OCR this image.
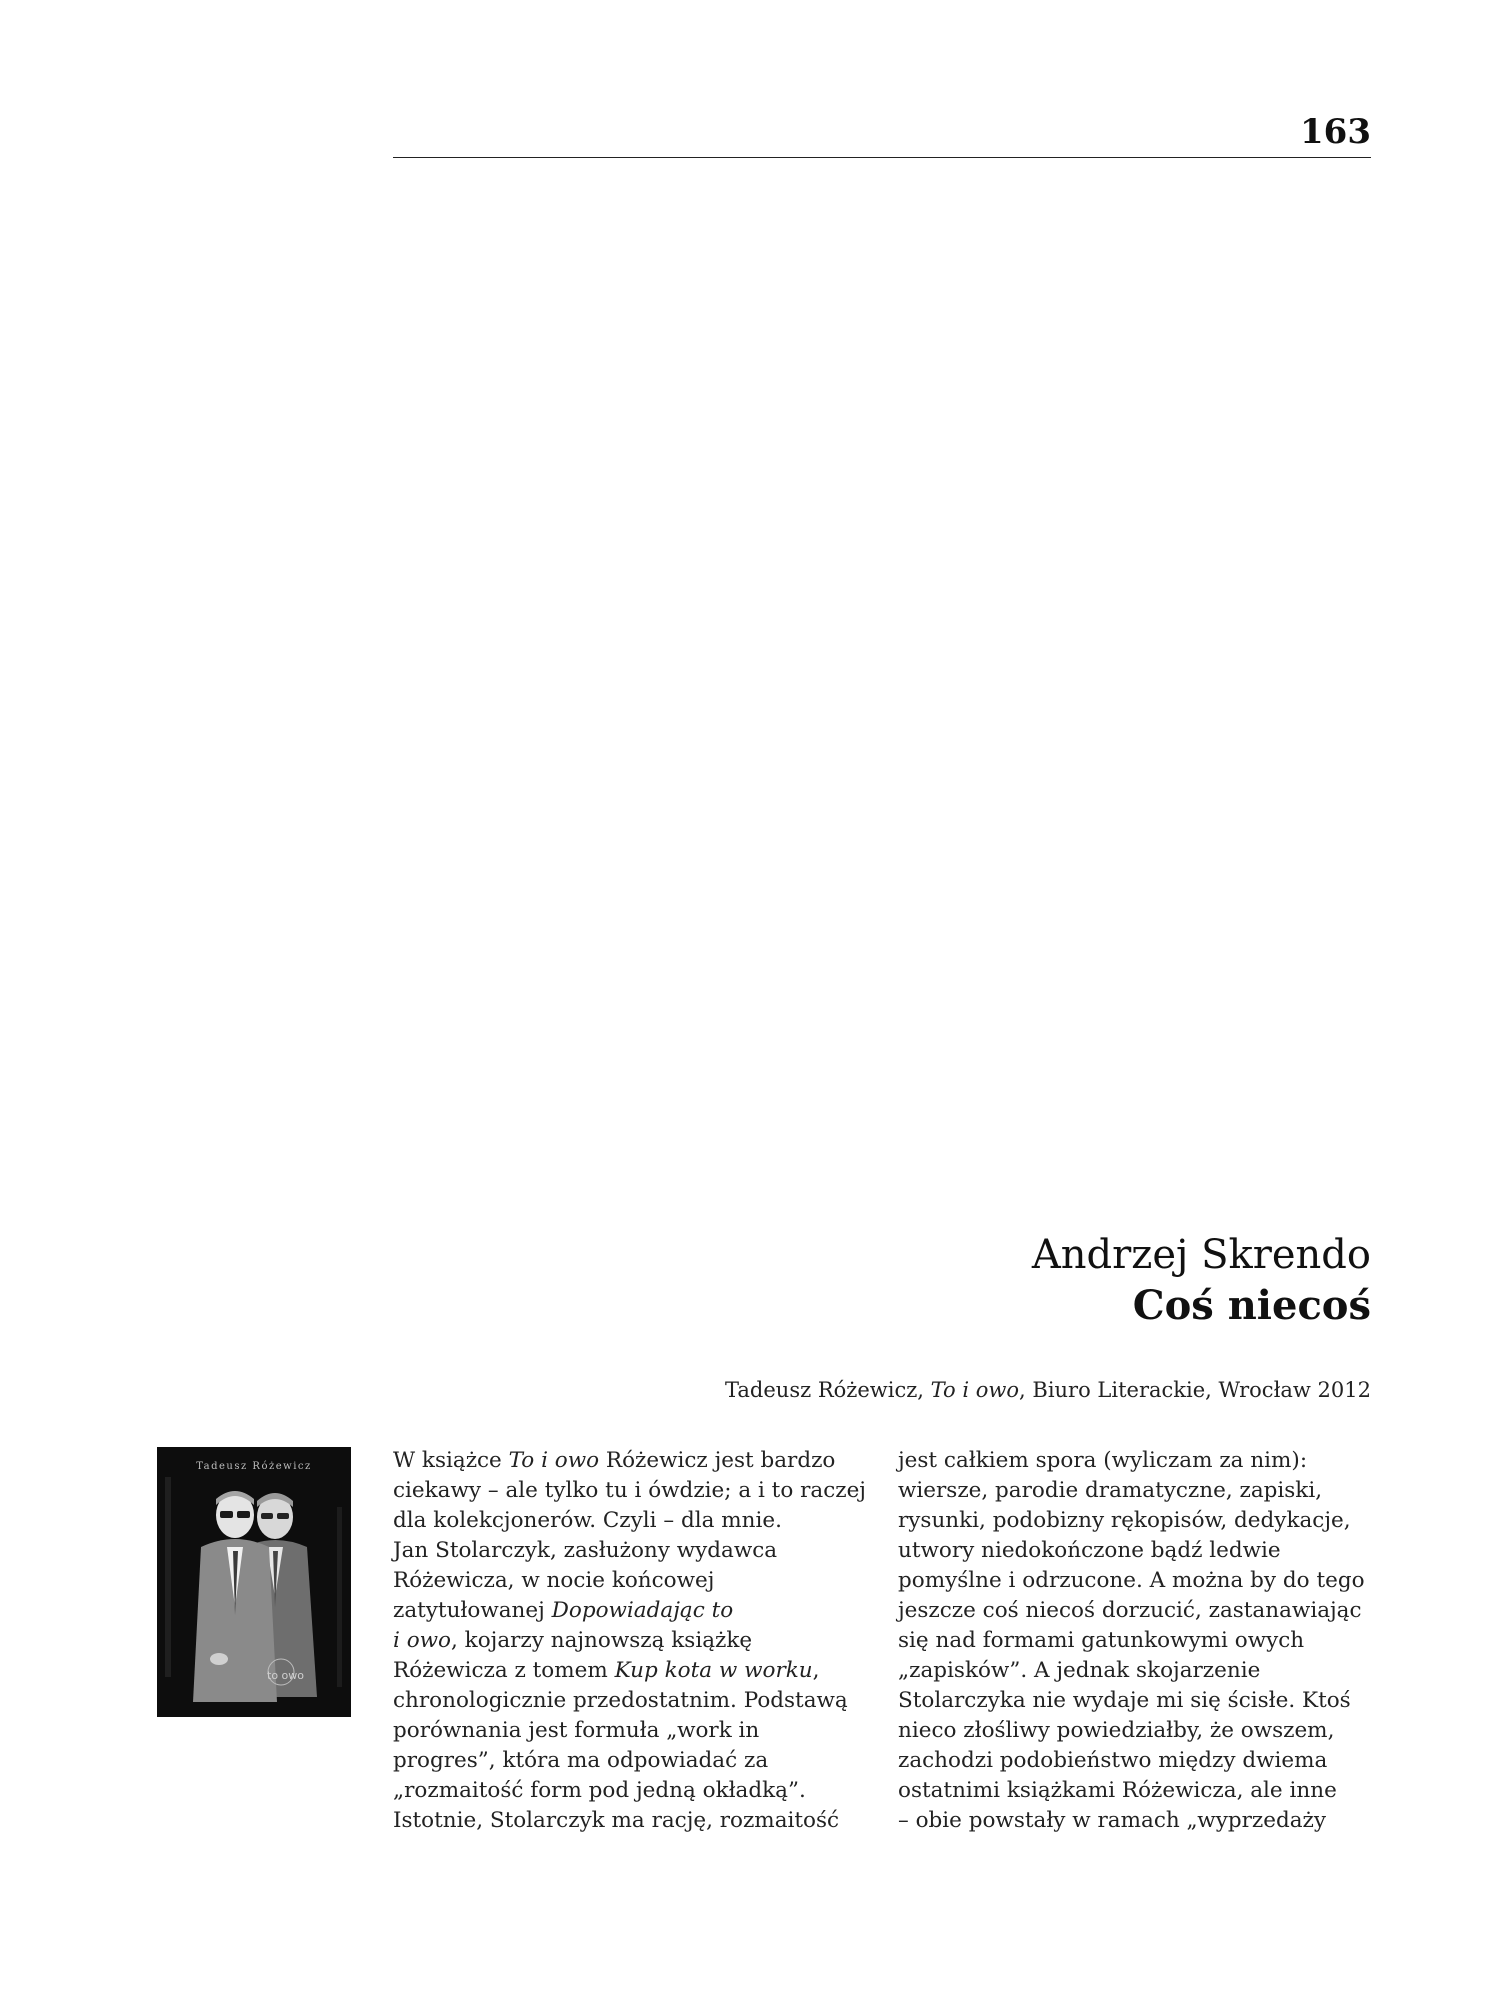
163
Andrzej Skrendo
Coś niecoś
Tadeusz Różewicz, To i owo, Biuro Literackie, Wrocław 2012
Tadeusz Różewicz
to owo
W książce To i owo Różewicz jest bardzo
ciekawy – ale tylko tu i ówdzie; a i to raczej
dla kolekcjonerów. Czyli – dla mnie.
Jan Stolarczyk, zasłużony wydawca
Różewicza, w nocie końcowej
zatytułowanej Dopowiadając to
i owo, kojarzy najnowszą książkę
Różewicza z tomem Kup kota w worku,
chronologicznie przedostatnim. Podstawą
porównania jest formuła „work in
progres”, która ma odpowiadać za
„rozmaitość form pod jedną okładką”.
Istotnie, Stolarczyk ma rację, rozmaitość
jest całkiem spora (wyliczam za nim):
wiersze, parodie dramatyczne, zapiski,
rysunki, podobizny rękopisów, dedykacje,
utwory niedokończone bądź ledwie
pomyślne i odrzucone. A można by do tego
jeszcze coś niecoś dorzucić, zastanawiając
się nad formami gatunkowymi owych
„zapisków”. A jednak skojarzenie
Stolarczyka nie wydaje mi się ścisłe. Ktoś
nieco złośliwy powiedziałby, że owszem,
zachodzi podobieństwo między dwiema
ostatnimi książkami Różewicza, ale inne
– obie powstały w ramach „wyprzedaży
